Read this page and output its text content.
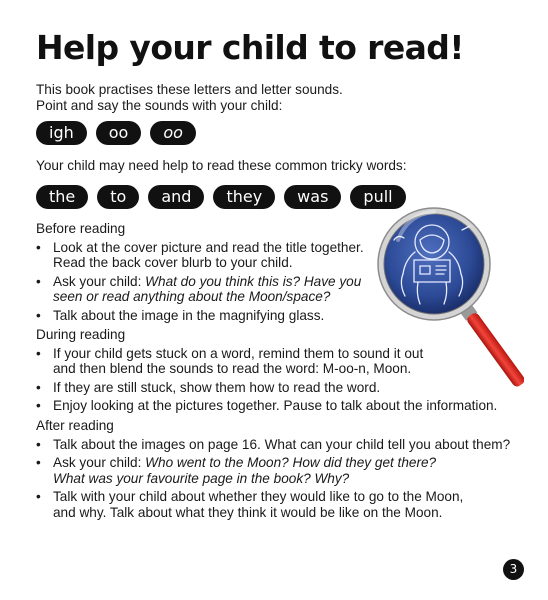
Help your child to read!
This book practises these letters and letter sounds.
Point and say the sounds with your child:
igh	oo	oo
Your child may need help to read these common tricky words:
the	to	and	they	was	pull
Before reading
• Look at the cover picture and read the title together.
Read the back cover blurb to your child.
• Ask your child: What do you think this is? Have you
seen or read anything about the Moon/space?
• Talk about the image in the magnifying glass.
During reading
• If your child gets stuck on a word, remind them to sound it out
and then blend the sounds to read the word: M-oo-n, Moon.
• If they are still stuck, show them how to read the word.
• Enjoy looking at the pictures together. Pause to talk about the information.
After reading
• Talk about the images on page 16. What can your child tell you about them?
• Ask your child: Who went to the Moon? How did they get there?
What was your favourite page in the book? Why?
• Talk with your child about whether they would like to go to the Moon,
and why. Talk about what they think it would be like on the Moon.
3
